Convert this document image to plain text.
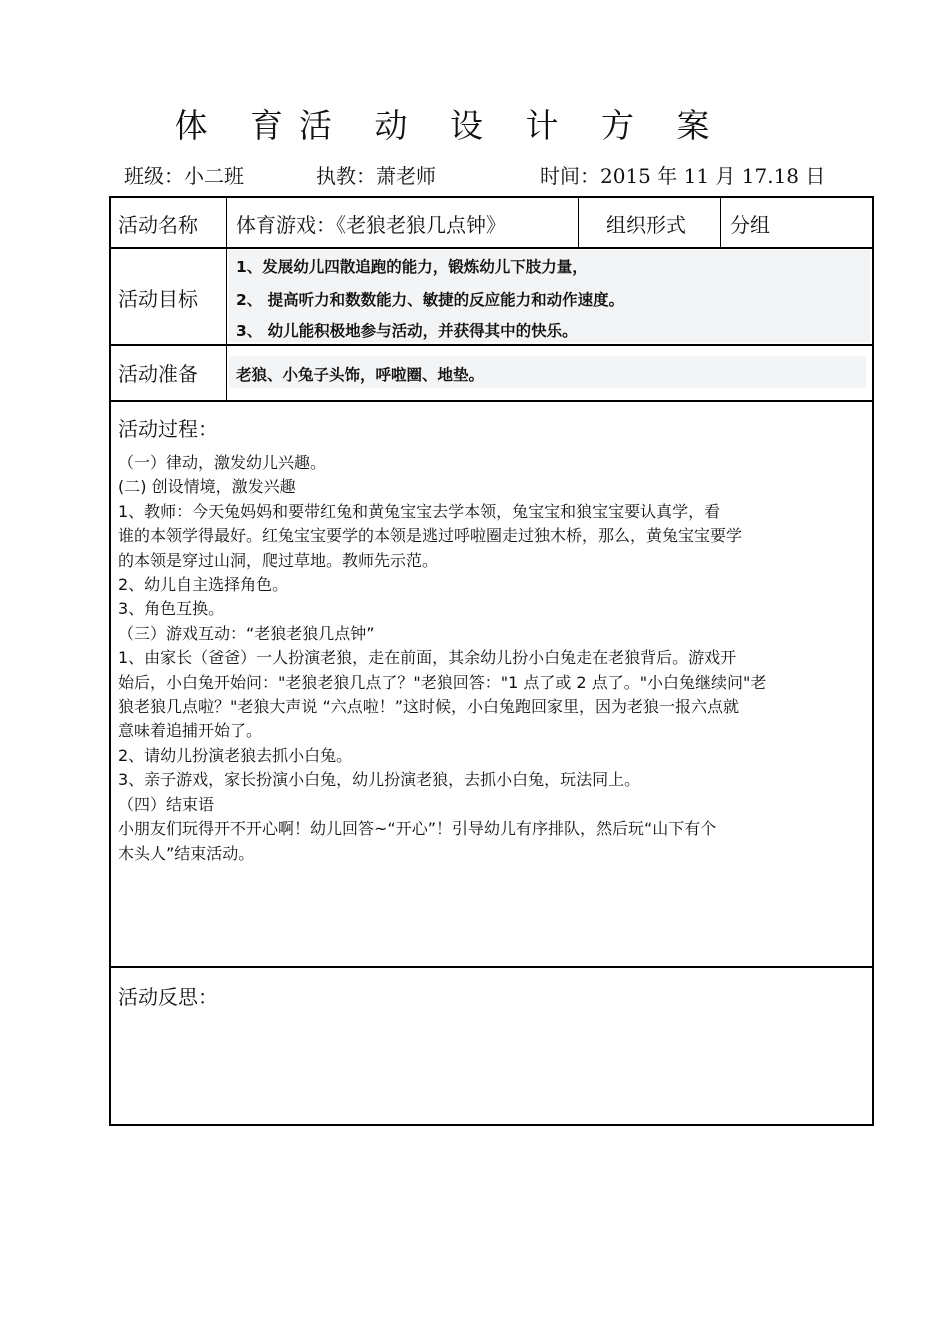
体 育活 动 设 计 方 案
班级：小二班	执教：萧老师	时间：2015 年 11 月 17.18 日
活动名称 体育游戏：《老狼老狼几点钟》	组织形式 分组
活动目标
1、发展幼儿四散追跑的能力，锻炼幼儿下肢力量，
2、 提高听力和数数能力、敏捷的反应能力和动作速度。
3、 幼儿能积极地参与活动，并获得其中的快乐。
活动准备 老狼、小兔子头饰，呼啦圈、地垫。
活动过程：

（一）律动，激发幼儿兴趣。

(二) 创设情境，激发兴趣

1、教师：今天兔妈妈和要带红兔和黄兔宝宝去学本领，兔宝宝和狼宝宝要认真学，看

谁的本领学得最好。红兔宝宝要学的本领是逃过呼啦圈走过独木桥，那么，黄兔宝宝要学

的本领是穿过山洞，爬过草地。教师先示范。

2、幼儿自主选择角色。

3、角色互换。

（三）游戏互动：“老狼老狼几点钟”

1、由家长（爸爸）一人扮演老狼，走在前面，其余幼儿扮小白兔走在老狼背后。游戏开

始后，小白兔开始问："老狼老狼几点了？"老狼回答："1 点了或 2 点了。"小白兔继续问"老

狼老狼几点啦？"老狼大声说 “六点啦！”这时候，小白兔跑回家里，因为老狼一报六点就

意味着追捕开始了。

2、请幼儿扮演老狼去抓小白兔。

3、亲子游戏，家长扮演小白兔，幼儿扮演老狼，去抓小白兔，玩法同上。

（四）结束语

小朋友们玩得开不开心啊！幼儿回答~“开心”！引导幼儿有序排队，然后玩“山下有个

木头人”结束活动。

活动反思：
